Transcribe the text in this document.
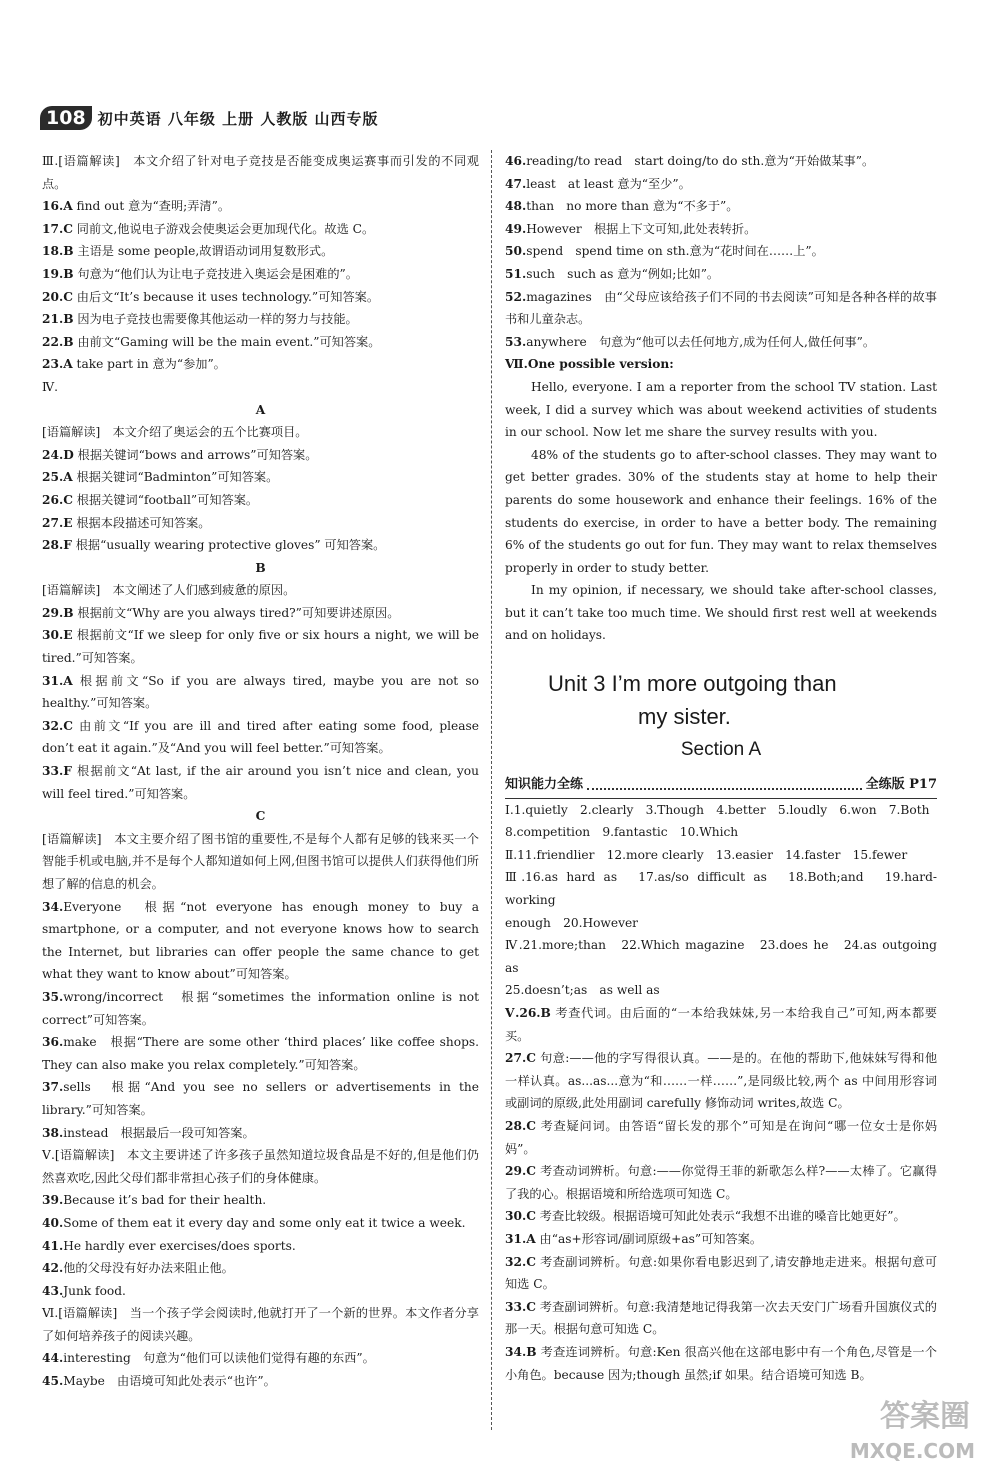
108 初中英语 八年级 上册 人教版 山西专版

Ⅲ.[语篇解读]　本文介绍了针对电子竞技是否能变成奥运赛事而引发的不同观点。

16.A find out 意为“查明;弄清”。

17.C 同前文,他说电子游戏会使奥运会更加现代化。故选 C。

18.B 主语是 some people,故谓语动词用复数形式。

19.B 句意为“他们认为让电子竞技进入奥运会是困难的”。

20.C 由后文“It’s because it uses technology.”可知答案。

21.B 因为电子竞技也需要像其他运动一样的努力与技能。

22.B 由前文“Gaming will be the main event.”可知答案。

23.A take part in 意为“参加”。

Ⅳ.

A

[语篇解读]　本文介绍了奥运会的五个比赛项目。

24.D 根据关键词“bows and arrows”可知答案。

25.A 根据关键词“Badminton”可知答案。

26.C 根据关键词“football”可知答案。

27.E 根据本段描述可知答案。

28.F 根据“usually wearing protective gloves” 可知答案。

B

[语篇解读]　本文阐述了人们感到疲惫的原因。

29.B 根据前文“Why are you always tired?”可知要讲述原因。

30.E 根据前文“If we sleep for only five or six hours a night, we will be tired.”可知答案。

31.A 根据前文“So if you are always tired, maybe you are not so healthy.”可知答案。

32.C 由前文“If you are ill and tired after eating some food, please don’t eat it again.”及“And you will feel better.”可知答案。

33.F 根据前文“At last, if the air around you isn’t nice and clean, you will feel tired.”可知答案。

C

[语篇解读]　本文主要介绍了图书馆的重要性,不是每个人都有足够的钱来买一个智能手机或电脑,并不是每个人都知道如何上网,但图书馆可以提供人们获得他们所想了解的信息的机会。

34.Everyone　根据“not everyone has enough money to buy a smartphone, or a computer, and not everyone knows how to search the Internet, but libraries can offer people the same chance to get what they want to know about”可知答案。

35.wrong/incorrect　根据“sometimes the information online is not correct”可知答案。

36.make　根据“There are some other ‘third places’ like coffee shops. They can also make you relax completely.”可知答案。

37.sells　根据“And you see no sellers or advertisements in the library.”可知答案。

38.instead　根据最后一段可知答案。

Ⅴ.[语篇解读]　本文主要讲述了许多孩子虽然知道垃圾食品是不好的,但是他们仍然喜欢吃,因此父母们都非常担心孩子们的身体健康。

39.Because it’s bad for their health.

40.Some of them eat it every day and some only eat it twice a week.

41.He hardly ever exercises/does sports.

42.他的父母没有好办法来阻止他。

43.Junk food.

Ⅵ.[语篇解读]　当一个孩子学会阅读时,他就打开了一个新的世界。本文作者分享了如何培养孩子的阅读兴趣。

44.interesting　句意为“他们可以读他们觉得有趣的东西”。

45.Maybe　由语境可知此处表示“也许”。

46.reading/to read　start doing/to do sth.意为“开始做某事”。

47.least　at least 意为“至少”。

48.than　no more than 意为“不多于”。

49.However　根据上下文可知,此处表转折。

50.spend　spend time on sth.意为“花时间在……上”。

51.such　such as 意为“例如;比如”。

52.magazines　由“父母应该给孩子们不同的书去阅读”可知是各种各样的故事书和儿童杂志。

53.anywhere　句意为“他可以去任何地方,成为任何人,做任何事”。

Ⅶ.One possible version:

Hello, everyone. I am a reporter from the school TV station. Last week, I did a survey which was about weekend activities of students in our school. Now let me share the survey results with you.

48% of the students go to after-school classes. They may want to get better grades. 30% of the students stay at home to help their parents do some housework and enhance their feelings. 16% of the students do exercise, in order to have a better body. The remaining 6% of the students go out for fun. They may want to relax themselves properly in order to study better.

In my opinion, if necessary, we should take after-school classes, but it can’t take too much time. We should first rest well at weekends and on holidays.

Unit 3 I’m more outgoing than
my sister.
Section A
知识能力全练	全练版 P17

Ⅰ.1.quietly　2.clearly　3.Though　4.better　5.loudly　6.won　7.Both

8.competition　9.fantastic　10.Which

Ⅱ.11.friendlier　12.more clearly　13.easier　14.faster　15.fewer

Ⅲ.16.as hard as　17.as/so difficult as　18.Both;and　19.hard-working

enough　20.However

Ⅳ.21.more;than　22.Which magazine　23.does he　24.as outgoing as

25.doesn’t;as　as well as

Ⅴ.26.B 考查代词。由后面的“一本给我妹妹,另一本给我自己”可知,两本都要买。

27.C 句意:——他的字写得很认真。——是的。在他的帮助下,他妹妹写得和他一样认真。as...as...意为“和……一样……”,是同级比较,两个 as 中间用形容词或副词的原级,此处用副词 carefully 修饰动词 writes,故选 C。

28.C 考查疑问词。由答语“留长发的那个”可知是在询问“哪一位女士是你妈妈”。

29.C 考查动词辨析。句意:——你觉得王菲的新歌怎么样?——太棒了。它赢得了我的心。根据语境和所给选项可知选 C。

30.C 考查比较级。根据语境可知此处表示“我想不出谁的嗓音比她更好”。

31.A 由“as+形容词/副词原级+as”可知答案。

32.C 考查副词辨析。句意:如果你看电影迟到了,请安静地走进来。根据句意可知选 C。

33.C 考查副词辨析。句意:我清楚地记得我第一次去天安门广场看升国旗仪式的那一天。根据句意可知选 C。

34.B 考查连词辨析。句意:Ken 很高兴他在这部电影中有一个角色,尽管是一个小角色。because 因为;though 虽然;if 如果。结合语境可知选 B。

答案圈
MXQE.COM
